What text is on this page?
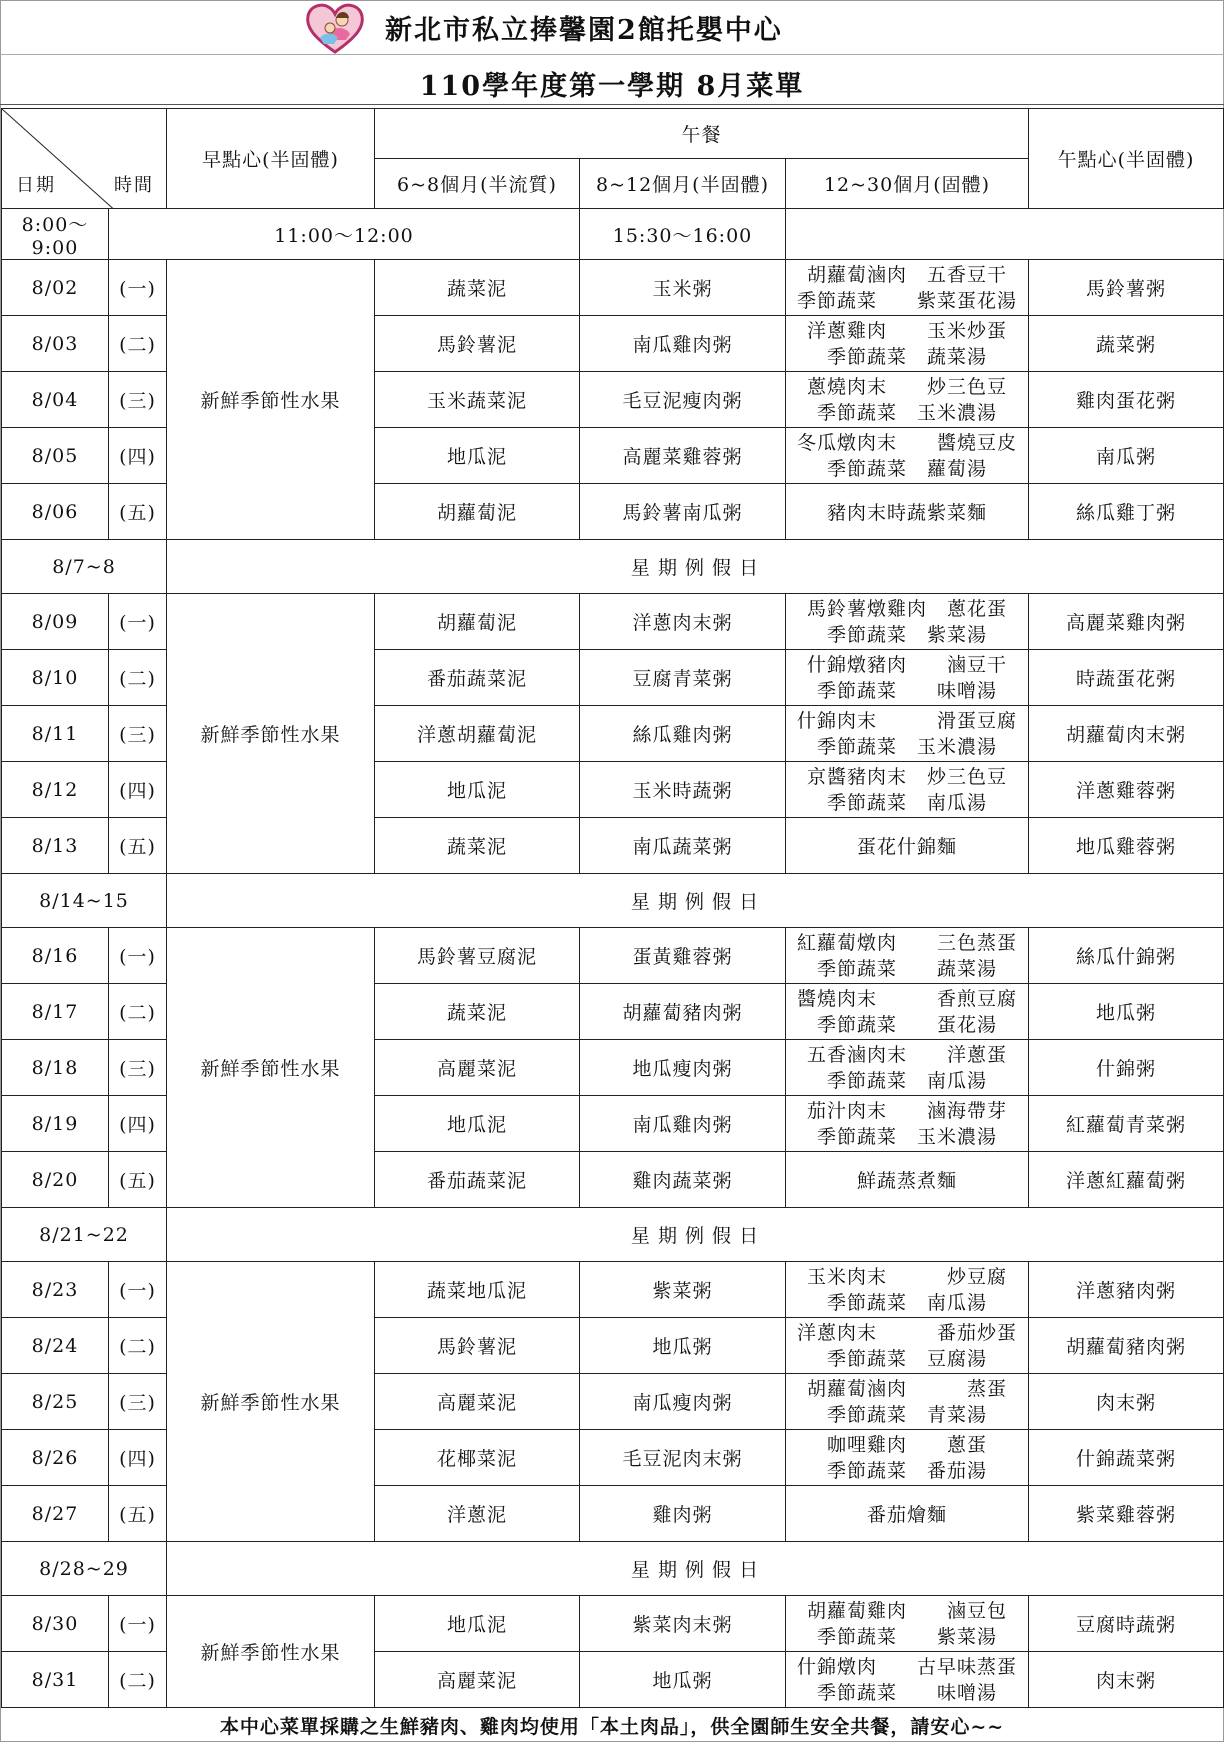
新北市私立捧馨園2館托嬰中心
110學年度第一學期 8月菜單
日期 時間		早點心(半固體)	午餐			午點心(半固體)
			6~8個月(半流質)	8~12個月(半固體)	12~30個月(固體)	
8:00～9:00	11:00～12:00			15:30～16:00		
8/02	(一)	新鮮季節性水果	蔬菜泥	玉米粥	胡蘿蔔滷肉　五香豆干
季節蔬菜　　紫菜蛋花湯	馬鈴薯粥
8/03	(二)		馬鈴薯泥	南瓜雞肉粥	洋蔥雞肉　　玉米炒蛋
季節蔬菜　蔬菜湯	蔬菜粥
8/04	(三)		玉米蔬菜泥	毛豆泥瘦肉粥	蔥燒肉末　　炒三色豆
季節蔬菜　玉米濃湯	雞肉蛋花粥
8/05	(四)		地瓜泥	高麗菜雞蓉粥	冬瓜燉肉末　　醬燒豆皮
季節蔬菜　蘿蔔湯	南瓜粥
8/06	(五)		胡蘿蔔泥	馬鈴薯南瓜粥	豬肉末時蔬紫菜麵	絲瓜雞丁粥
8/7~8		星 期 例 假 日				
8/09	(一)	新鮮季節性水果	胡蘿蔔泥	洋蔥肉末粥	馬鈴薯燉雞肉　蔥花蛋
季節蔬菜　紫菜湯	高麗菜雞肉粥
8/10	(二)		番茄蔬菜泥	豆腐青菜粥	什錦燉豬肉　　滷豆干
季節蔬菜　　味噌湯	時蔬蛋花粥
8/11	(三)		洋蔥胡蘿蔔泥	絲瓜雞肉粥	什錦肉末　　　滑蛋豆腐
季節蔬菜　玉米濃湯	胡蘿蔔肉末粥
8/12	(四)		地瓜泥	玉米時蔬粥	京醬豬肉末　炒三色豆
季節蔬菜　南瓜湯	洋蔥雞蓉粥
8/13	(五)		蔬菜泥	南瓜蔬菜粥	蛋花什錦麵	地瓜雞蓉粥
8/14~15		星 期 例 假 日				
8/16	(一)	新鮮季節性水果	馬鈴薯豆腐泥	蛋黃雞蓉粥	紅蘿蔔燉肉　　三色蒸蛋
季節蔬菜　　蔬菜湯	絲瓜什錦粥
8/17	(二)		蔬菜泥	胡蘿蔔豬肉粥	醬燒肉末　　　香煎豆腐
季節蔬菜　　蛋花湯	地瓜粥
8/18	(三)		高麗菜泥	地瓜瘦肉粥	五香滷肉末　　洋蔥蛋
季節蔬菜　南瓜湯	什錦粥
8/19	(四)		地瓜泥	南瓜雞肉粥	茄汁肉末　　滷海帶芽
季節蔬菜　玉米濃湯	紅蘿蔔青菜粥
8/20	(五)		番茄蔬菜泥	雞肉蔬菜粥	鮮蔬蒸煮麵	洋蔥紅蘿蔔粥
8/21~22		星 期 例 假 日				
8/23	(一)	新鮮季節性水果	蔬菜地瓜泥	紫菜粥	玉米肉末　　　炒豆腐
季節蔬菜　南瓜湯	洋蔥豬肉粥
8/24	(二)		馬鈴薯泥	地瓜粥	洋蔥肉末　　　番茄炒蛋
季節蔬菜　豆腐湯	胡蘿蔔豬肉粥
8/25	(三)		高麗菜泥	南瓜瘦肉粥	胡蘿蔔滷肉　　　蒸蛋
季節蔬菜　青菜湯	肉末粥
8/26	(四)		花椰菜泥	毛豆泥肉末粥	咖哩雞肉　　蔥蛋
季節蔬菜　番茄湯	什錦蔬菜粥
8/27	(五)		洋蔥泥	雞肉粥	番茄燴麵	紫菜雞蓉粥
8/28~29		星 期 例 假 日				
8/30	(一)	新鮮季節性水果	地瓜泥	紫菜肉末粥	胡蘿蔔雞肉　　滷豆包
季節蔬菜　　紫菜湯	豆腐時蔬粥
8/31	(二)		高麗菜泥	地瓜粥	什錦燉肉　　古早味蒸蛋
季節蔬菜　　味噌湯	肉末粥
本中心菜單採購之生鮮豬肉、雞肉均使用「本土肉品」，供全園師生安全共餐，請安心~~
